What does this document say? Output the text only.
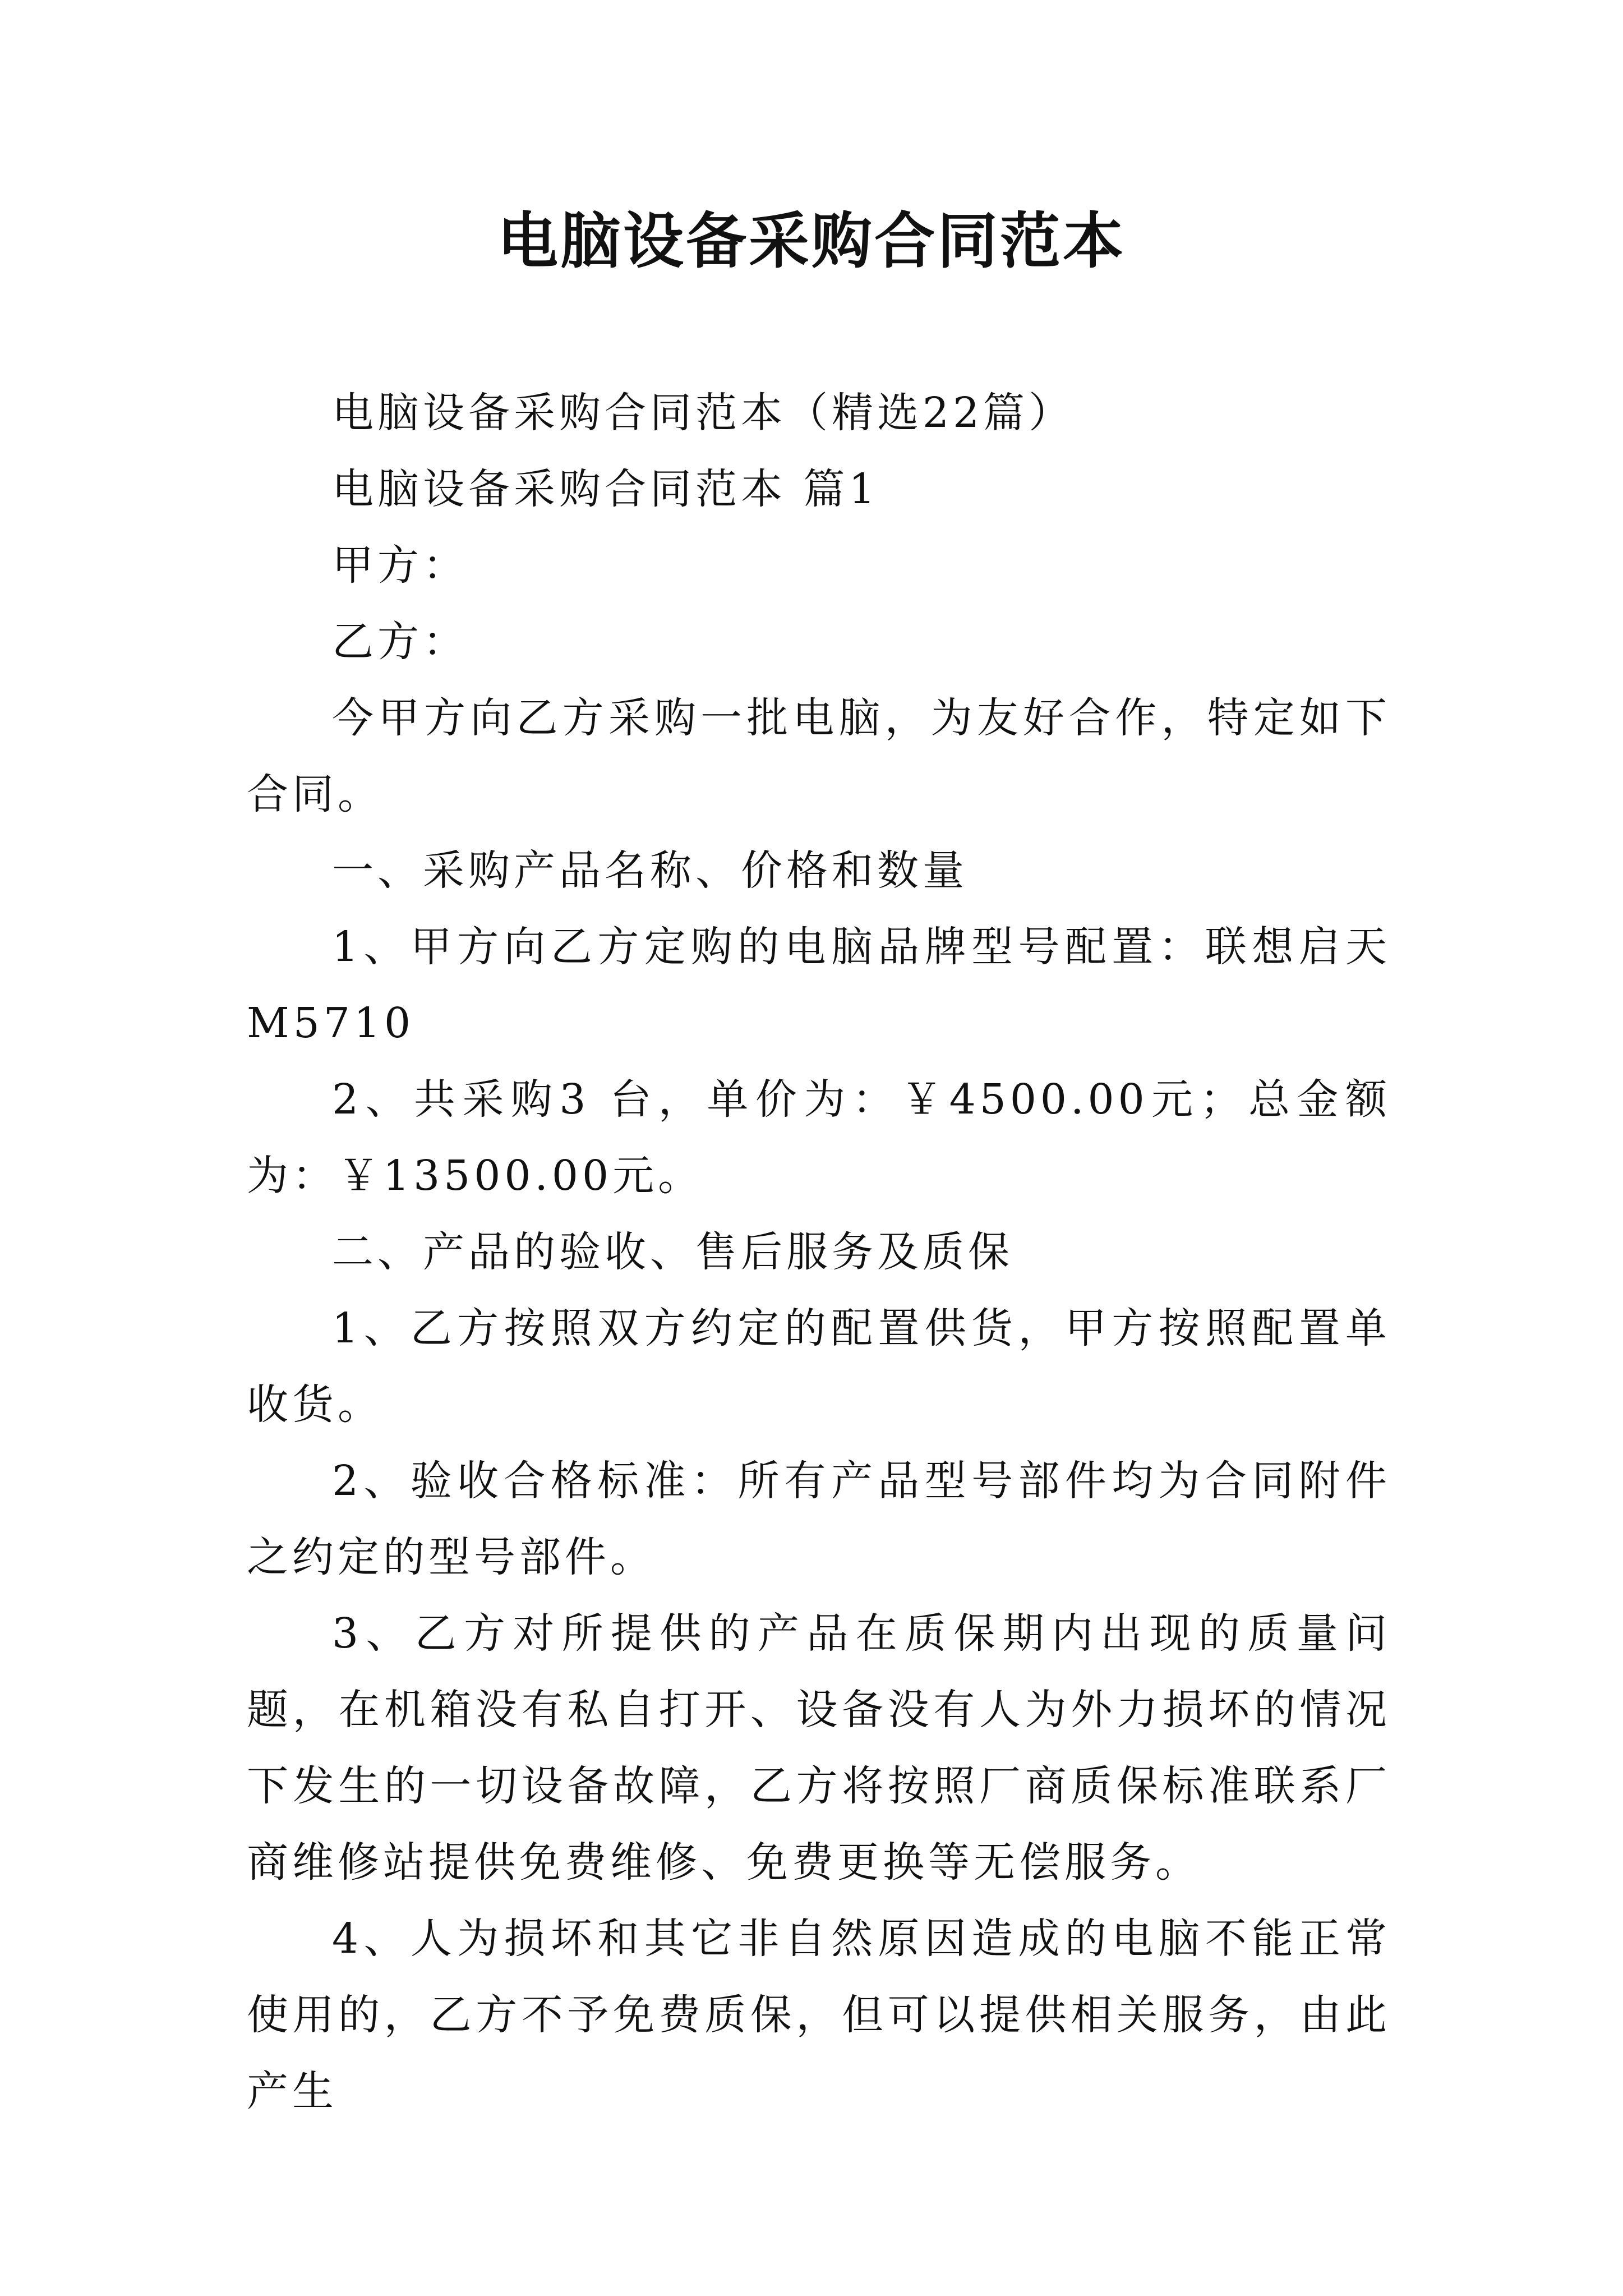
电脑设备采购合同范本

电脑设备采购合同范本（精选22篇）

电脑设备采购合同范本 篇1

甲方：

乙方：

今甲方向乙方采购一批电脑，为友好合作，特定如下合同。

一、采购产品名称、价格和数量

1、甲方向乙方定购的电脑品牌型号配置：联想启天M5710

2、共采购3 台，单价为：￥4500.00元；总金额为：￥13500.00元。

二、产品的验收、售后服务及质保

1、乙方按照双方约定的配置供货，甲方按照配置单收货。

2、验收合格标准：所有产品型号部件均为合同附件之约定的型号部件。

3、乙方对所提供的产品在质保期内出现的质量问题，在机箱没有私自打开、设备没有人为外力损坏的情况下发生的一切设备故障，乙方将按照厂商质保标准联系厂商维修站提供免费维修、免费更换等无偿服务。

4、人为损坏和其它非自然原因造成的电脑不能正常使用的，乙方不予免费质保，但可以提供相关服务，由此产生
